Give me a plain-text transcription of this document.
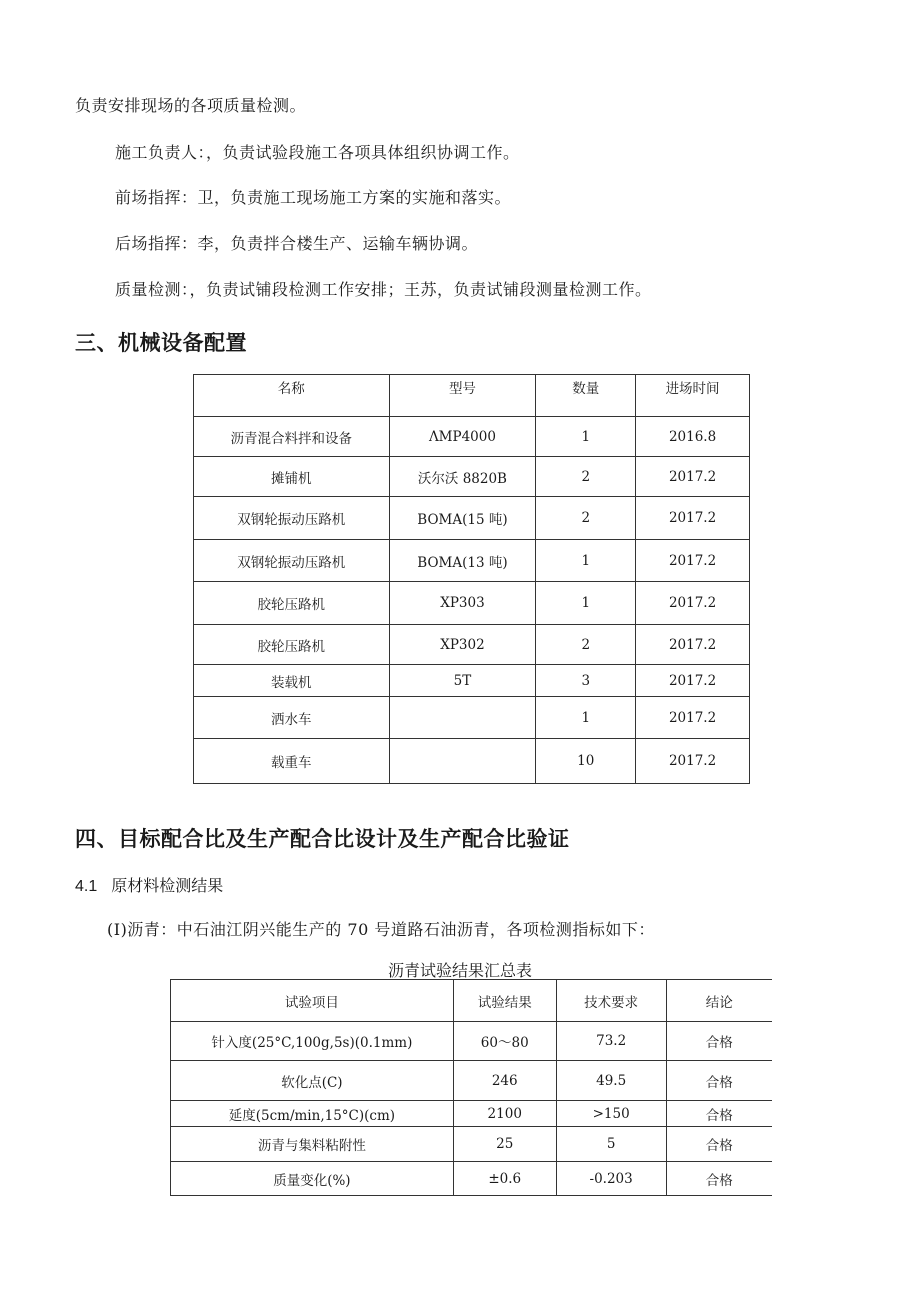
负责安排现场的各项质量检测。
施工负责人：，负责试验段施工各项具体组织协调工作。
前场指挥：卫，负责施工现场施工方案的实施和落实。
后场指挥：李，负责拌合楼生产、运输车辆协调。
质量检测：，负责试铺段检测工作安排；王苏，负责试铺段测量检测工作。
三、机械设备配置
名称	型号	数量	进场时间
沥青混合料拌和设备	ΛMP4000	1	2016.8
摊铺机	沃尔沃 8820B	2	2017.2
双钢轮振动压路机	BOMA(15 吨)	2	2017.2
双钢轮振动压路机	BOMA(13 吨)	1	2017.2
胶轮压路机	XP303	1	2017.2
胶轮压路机	XP302	2	2017.2
装载机	5T	3	2017.2
洒水车		1	2017.2
载重车		10	2017.2
四、目标配合比及生产配合比设计及生产配合比验证
4.1 原材料检测结果
(I)沥青：中石油江阴兴能生产的 70 号道路石油沥青，各项检测指标如下：
沥青试验结果汇总表
试验项目	试验结果	技术要求	结论
针入度(25°C,100g,5s)(0.1mm)	60～80	73.2	合格
软化点(C)	246	49.5	合格
延度(5cm/min,15°C)(cm)	2100	>150	合格
沥青与集料粘附性	25	5	合格
质量变化(%)	±0.6	-0.203	合格
